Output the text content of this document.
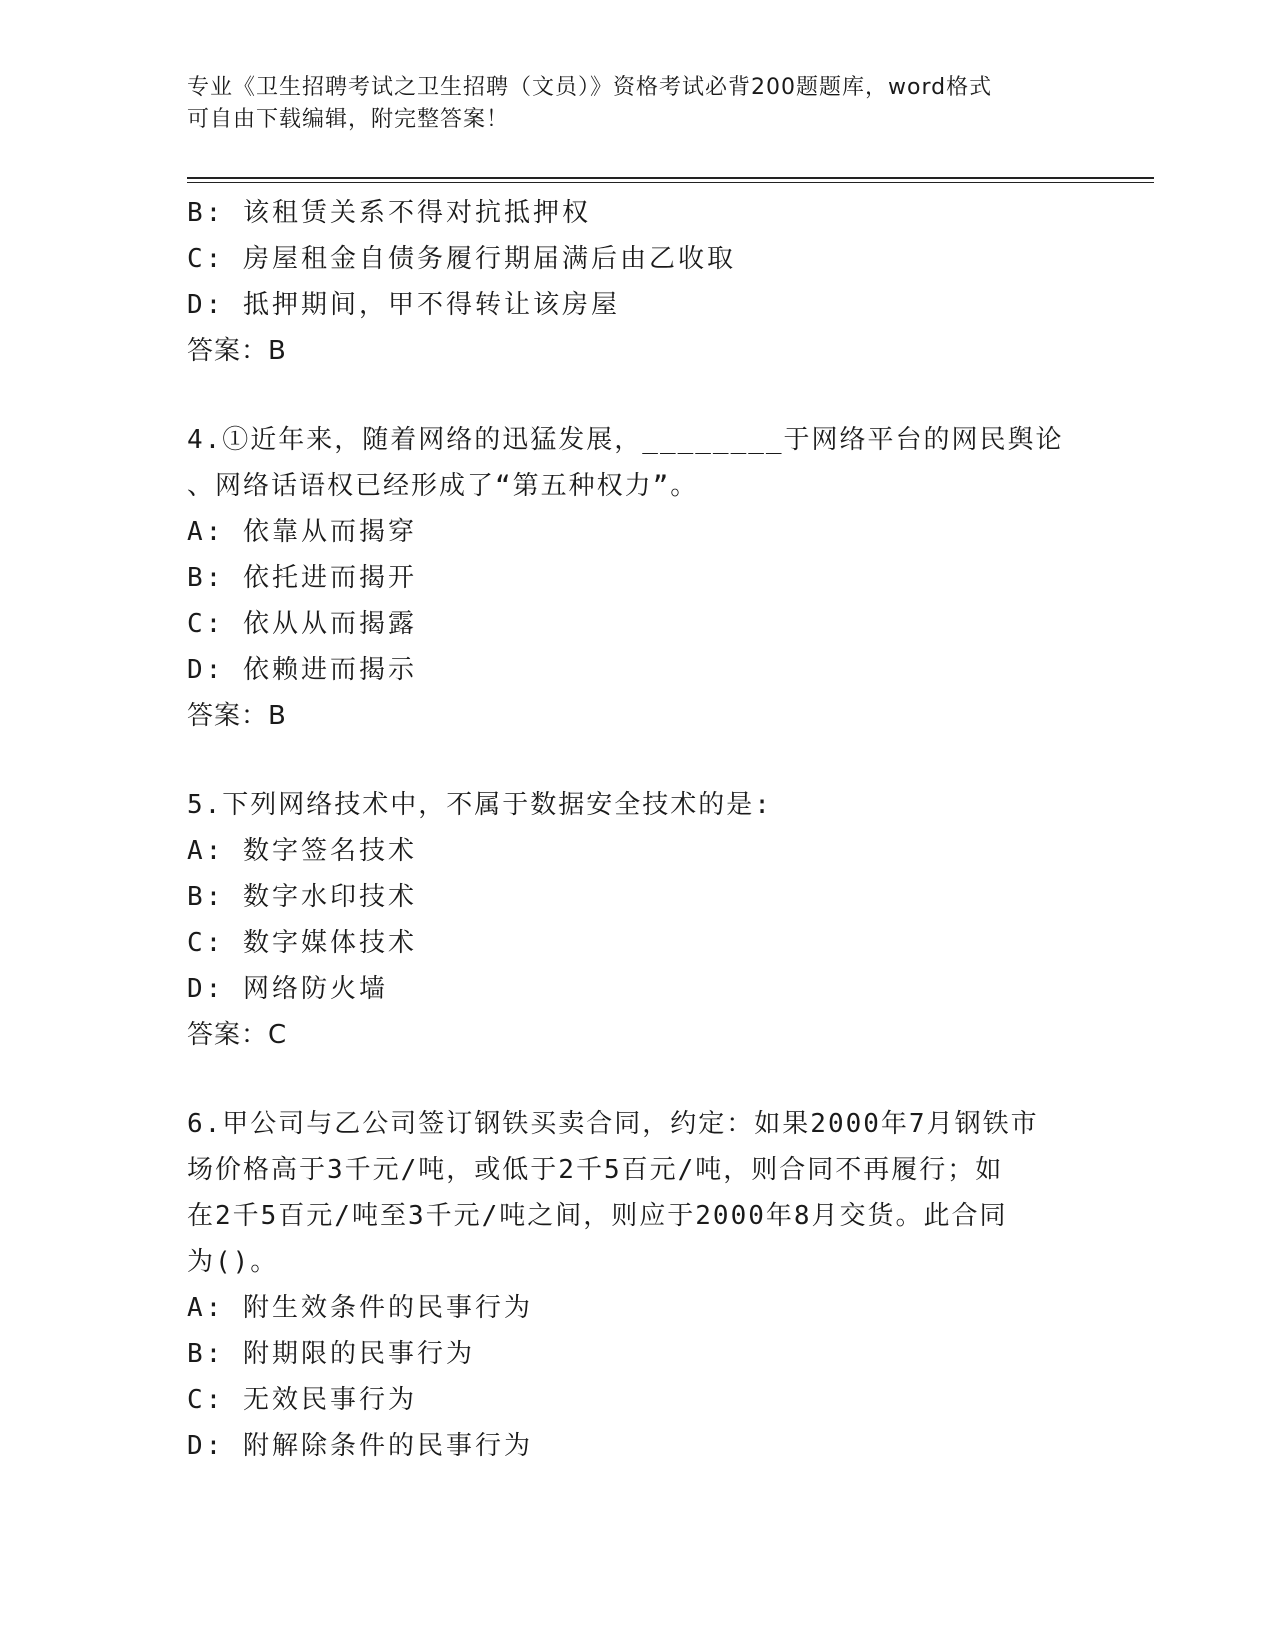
专业《卫生招聘考试之卫生招聘（文员）》资格考试必背200题题库，word格式
可自由下载编辑，附完整答案！
B: 该租赁关系不得对抗抵押权
C: 房屋租金自债务履行期届满后由乙收取
D: 抵押期间，甲不得转让该房屋
答案：B
4.①近年来，随着网络的迅猛发展，________于网络平台的网民舆论
、网络话语权已经形成了“第五种权力”。
A: 依靠从而揭穿
B: 依托进而揭开
C: 依从从而揭露
D: 依赖进而揭示
答案：B
5.下列网络技术中，不属于数据安全技术的是:
A: 数字签名技术
B: 数字水印技术
C: 数字媒体技术
D: 网络防火墙
答案：C
6.甲公司与乙公司签订钢铁买卖合同，约定：如果2000年7月钢铁市
场价格高于3千元/吨，或低于2千5百元/吨，则合同不再履行；如
在2千5百元/吨至3千元/吨之间，则应于2000年8月交货。此合同
为()。
A: 附生效条件的民事行为
B: 附期限的民事行为
C: 无效民事行为
D: 附解除条件的民事行为
